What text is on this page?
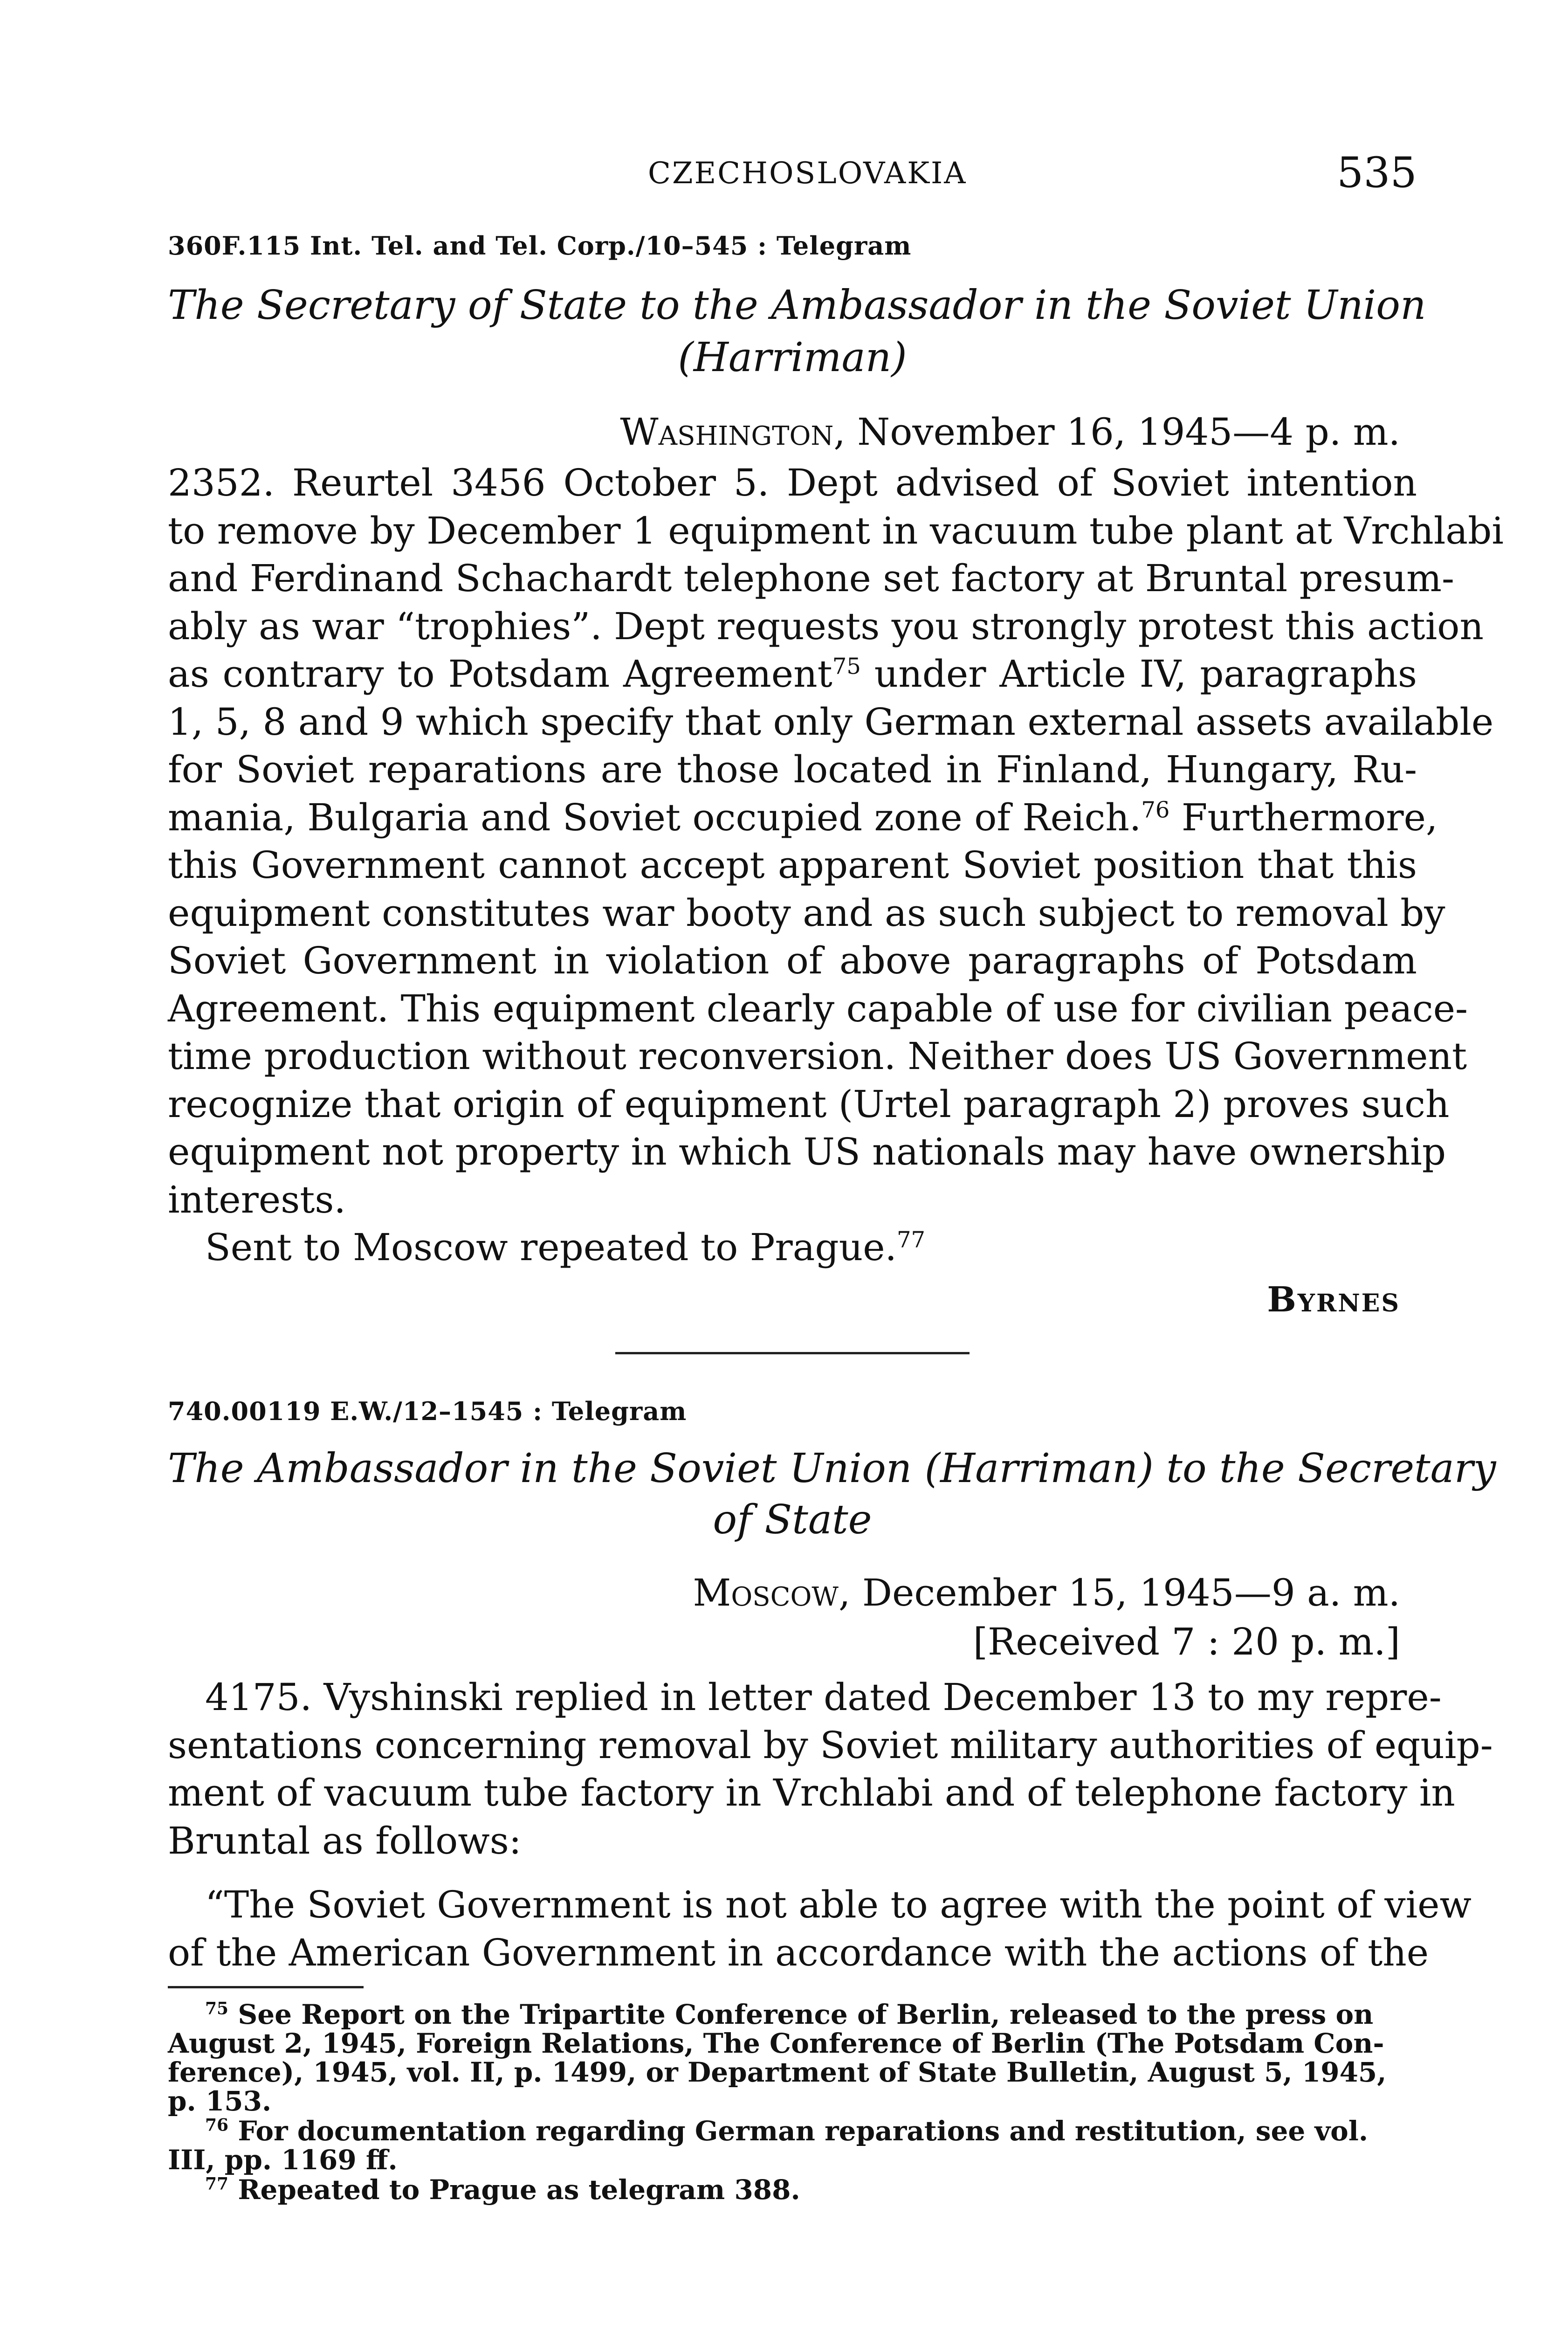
CZECHOSLOVAKIA	535
360F.115 Int. Tel. and Tel. Corp./10–545 : Telegram
The Secretary of State to the Ambassador in the Soviet Union
(Harriman)
Washington, November 16, 1945—4 p. m.
2352. Reurtel 3456 October 5. Dept advised of Soviet intention
to remove by December 1 equipment in vacuum tube plant at Vrchlabi
and Ferdinand Schachardt telephone set factory at Bruntal presum-
ably as war “trophies”. Dept requests you strongly protest this action
as contrary to Potsdam Agreement$^{75}$ under Article IV, paragraphs
1, 5, 8 and 9 which specify that only German external assets available
for Soviet reparations are those located in Finland, Hungary, Ru-
mania, Bulgaria and Soviet occupied zone of Reich.$^{76}$ Furthermore,
this Government cannot accept apparent Soviet position that this
equipment constitutes war booty and as such subject to removal by
Soviet Government in violation of above paragraphs of Potsdam
Agreement. This equipment clearly capable of use for civilian peace-
time production without reconversion. Neither does US Government
recognize that origin of equipment (Urtel paragraph 2) proves such
equipment not property in which US nationals may have ownership
interests.
Sent to Moscow repeated to Prague.$^{77}$
Byrnes
740.00119 E.W./12–1545 : Telegram
The Ambassador in the Soviet Union (Harriman) to the Secretary
of State
Moscow, December 15, 1945—9 a. m.
[Received 7 : 20 p. m.]
4175. Vyshinski replied in letter dated December 13 to my repre-
sentations concerning removal by Soviet military authorities of equip-
ment of vacuum tube factory in Vrchlabi and of telephone factory in
Bruntal as follows:
“The Soviet Government is not able to agree with the point of view
of the American Government in accordance with the actions of the
$^{75}$ See Report on the Tripartite Conference of Berlin, released to the press on
August 2, 1945, Foreign Relations, The Conference of Berlin (The Potsdam Con-
ference), 1945, vol. II, p. 1499, or Department of State Bulletin, August 5, 1945,
p. 153.
$^{76}$ For documentation regarding German reparations and restitution, see vol.
III, pp. 1169 ff.
$^{77}$ Repeated to Prague as telegram 388.
